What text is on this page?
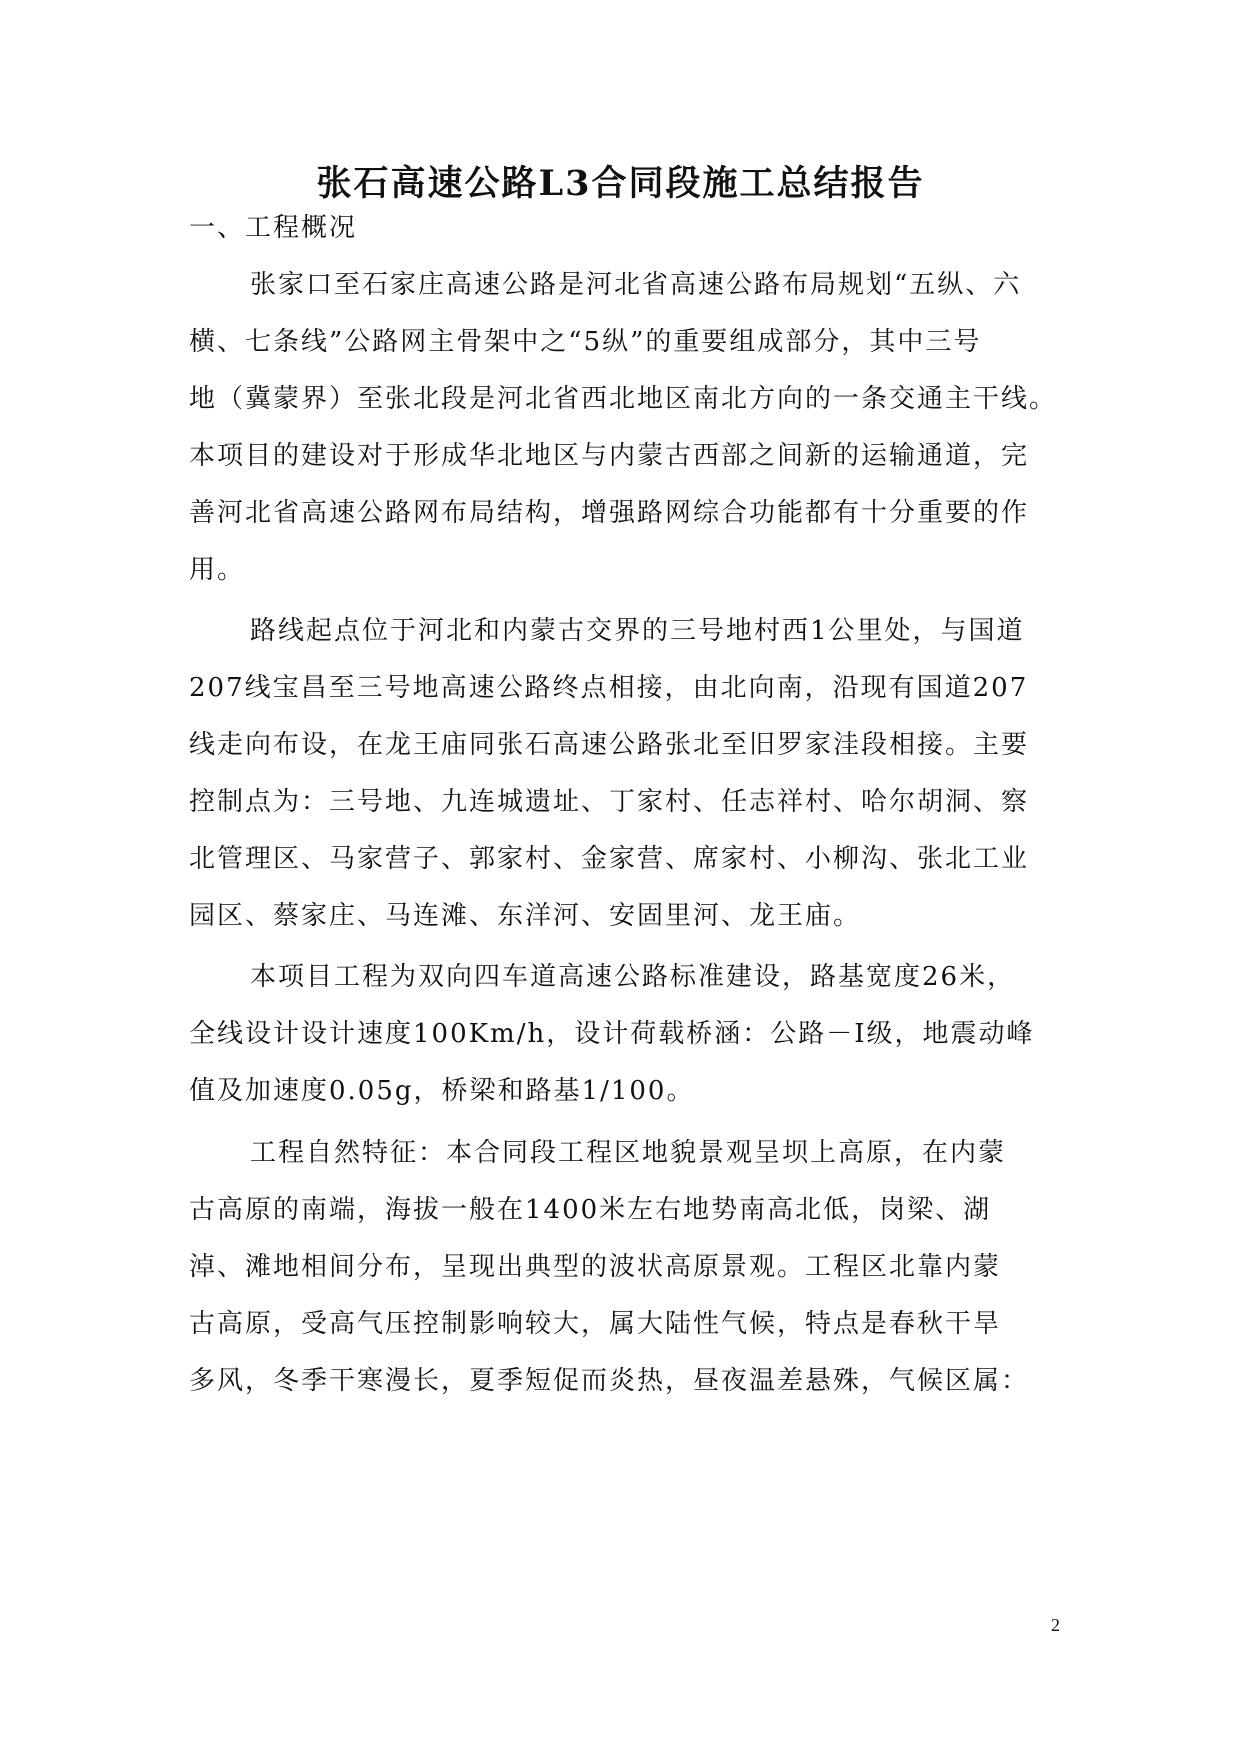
张石高速公路L3合同段施工总结报告
一、工程概况
张家口至石家庄高速公路是河北省高速公路布局规划“五纵、六
横、七条线”公路网主骨架中之“5纵”的重要组成部分，其中三号
地（冀蒙界）至张北段是河北省西北地区南北方向的一条交通主干线。
本项目的建设对于形成华北地区与内蒙古西部之间新的运输通道，完
善河北省高速公路网布局结构，增强路网综合功能都有十分重要的作
用。
路线起点位于河北和内蒙古交界的三号地村西1公里处，与国道
207线宝昌至三号地高速公路终点相接，由北向南，沿现有国道207
线走向布设，在龙王庙同张石高速公路张北至旧罗家洼段相接。主要
控制点为：三号地、九连城遗址、丁家村、任志祥村、哈尔胡洞、察
北管理区、马家营子、郭家村、金家营、席家村、小柳沟、张北工业
园区、蔡家庄、马连滩、东洋河、安固里河、龙王庙。
本项目工程为双向四车道高速公路标准建设，路基宽度26米，
全线设计设计速度100Km/h，设计荷载桥涵：公路－Ⅰ级，地震动峰
值及加速度0.05g，桥梁和路基1/100。
工程自然特征：本合同段工程区地貌景观呈坝上高原，在内蒙
古高原的南端，海拔一般在1400米左右地势南高北低，岗梁、湖
淖、滩地相间分布，呈现出典型的波状高原景观。工程区北靠内蒙
古高原，受高气压控制影响较大，属大陆性气候，特点是春秋干旱
多风，冬季干寒漫长，夏季短促而炎热，昼夜温差悬殊，气候区属：
2
